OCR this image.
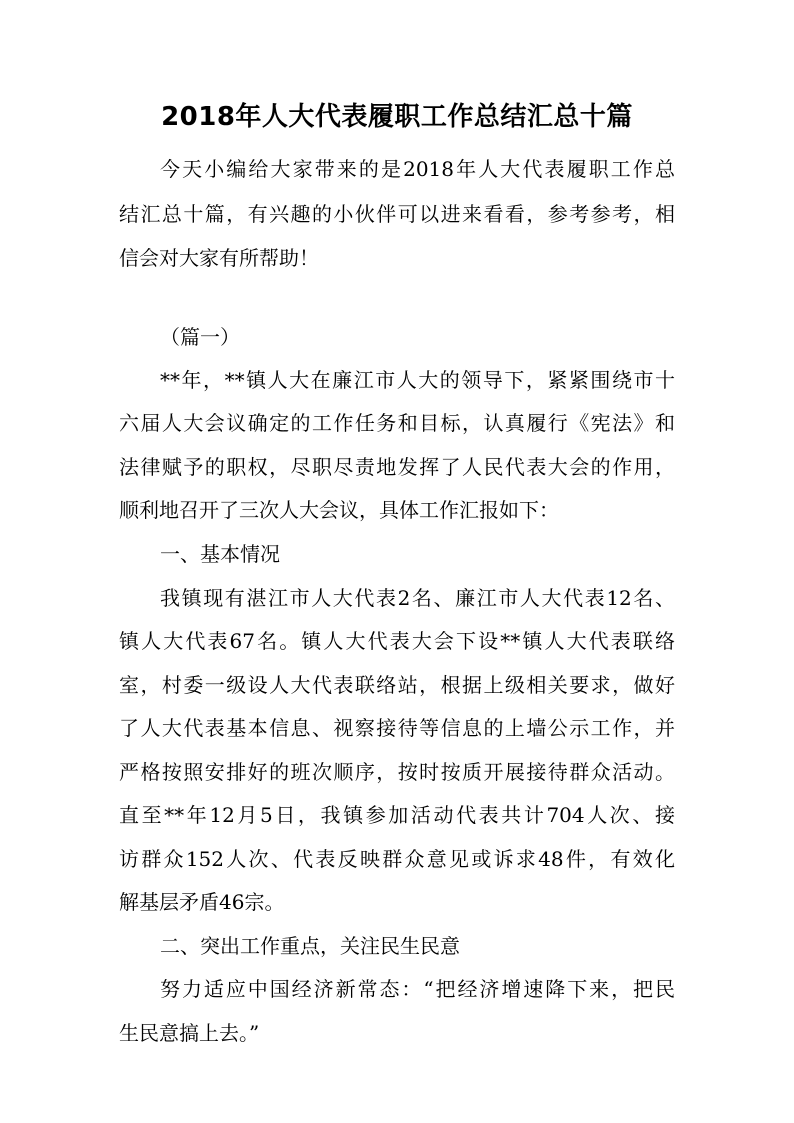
2018年人大代表履职工作总结汇总十篇
今天小编给大家带来的是2018年人大代表履职工作总
结汇总十篇，有兴趣的小伙伴可以进来看看，参考参考，相
信会对大家有所帮助！
（篇一）
**年，**镇人大在廉江市人大的领导下，紧紧围绕市十
六届人大会议确定的工作任务和目标，认真履行《宪法》和
法律赋予的职权，尽职尽责地发挥了人民代表大会的作用，
顺利地召开了三次人大会议，具体工作汇报如下：
一、基本情况
我镇现有湛江市人大代表2名、廉江市人大代表12名、
镇人大代表67名。镇人大代表大会下设**镇人大代表联络
室，村委一级设人大代表联络站，根据上级相关要求，做好
了人大代表基本信息、视察接待等信息的上墙公示工作，并
严格按照安排好的班次顺序，按时按质开展接待群众活动。
直至**年12月5日，我镇参加活动代表共计704人次、接
访群众152人次、代表反映群众意见或诉求48件，有效化
解基层矛盾46宗。
二、突出工作重点，关注民生民意
努力适应中国经济新常态：“把经济增速降下来，把民
生民意搞上去。”
